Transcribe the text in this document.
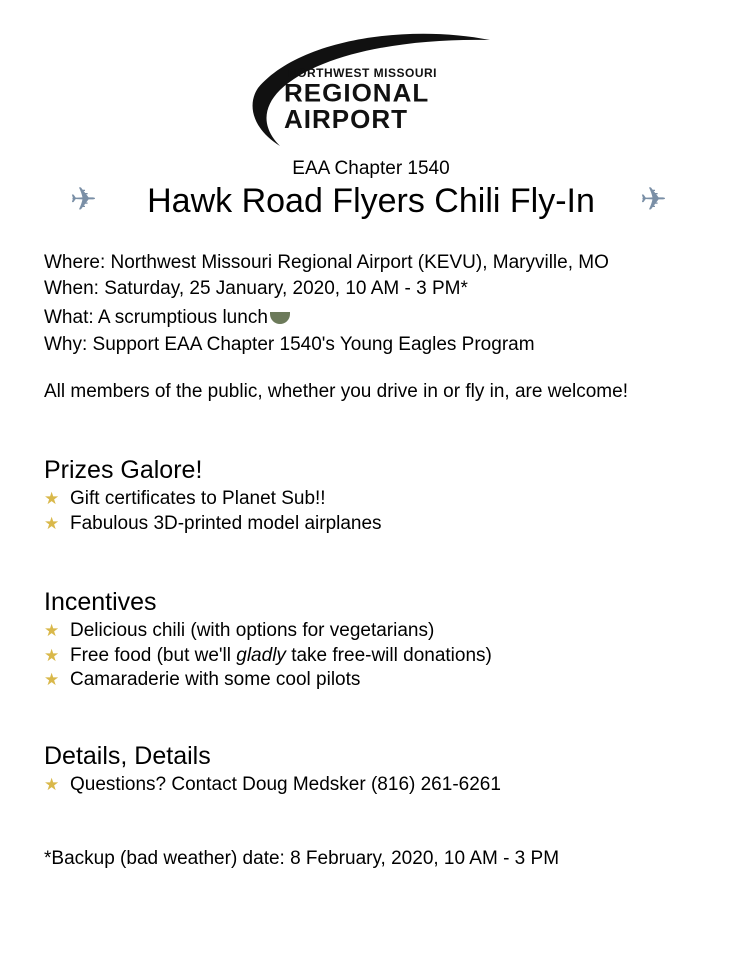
NORTHWEST MISSOURI
REGIONAL
AIRPORT
EAA Chapter 1540
✈	Hawk Road Flyers Chili Fly-In	✈
Where: Northwest Missouri Regional Airport (KEVU), Maryville, MO
When: Saturday, 25 January, 2020, 10 AM - 3 PM*
What: A scrumptious lunch
Why: Support EAA Chapter 1540's Young Eagles Program
All members of the public, whether you drive in or fly in, are welcome!
Prizes Galore!
★ Gift certificates to Planet Sub!!
★ Fabulous 3D-printed model airplanes
Incentives
★ Delicious chili (with options for vegetarians)
★ Free food (but we'll gladly take free-will donations)
★ Camaraderie with some cool pilots
Details, Details
★ Questions? Contact Doug Medsker (816) 261-6261
*Backup (bad weather) date: 8 February, 2020, 10 AM - 3 PM
